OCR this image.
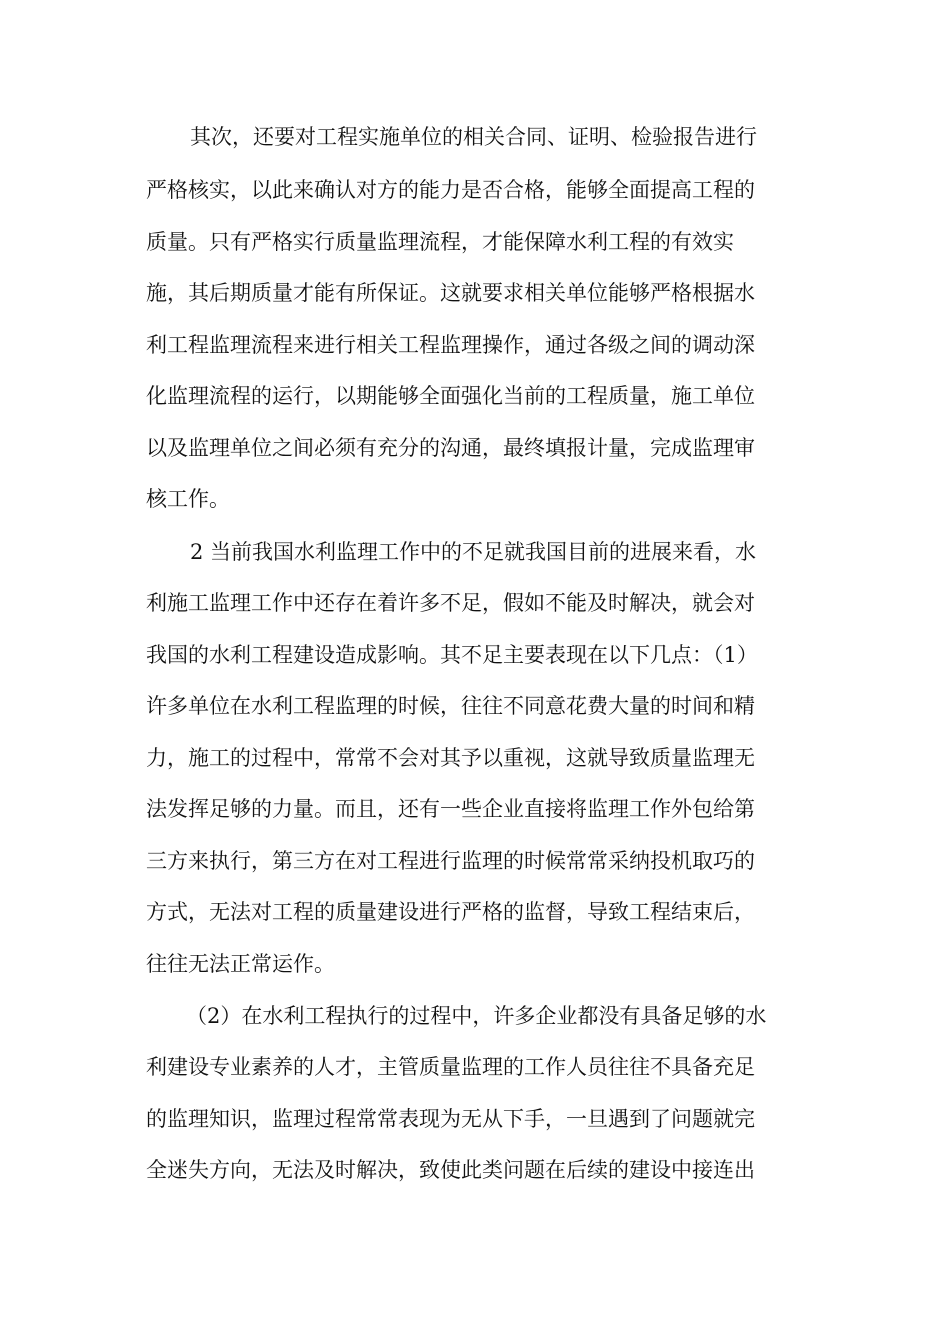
其次，还要对工程实施单位的相关合同、证明、检验报告进行
严格核实，以此来确认对方的能力是否合格，能够全面提高工程的
质量。只有严格实行质量监理流程，才能保障水利工程的有效实
施，其后期质量才能有所保证。这就要求相关单位能够严格根据水
利工程监理流程来进行相关工程监理操作，通过各级之间的调动深
化监理流程的运行，以期能够全面强化当前的工程质量，施工单位
以及监理单位之间必须有充分的沟通，最终填报计量，完成监理审
核工作。
2 当前我国水利监理工作中的不足就我国目前的进展来看，水
利施工监理工作中还存在着许多不足，假如不能及时解决，就会对
我国的水利工程建设造成影响。其不足主要表现在以下几点：（1）
许多单位在水利工程监理的时候，往往不同意花费大量的时间和精
力，施工的过程中，常常不会对其予以重视，这就导致质量监理无
法发挥足够的力量。而且，还有一些企业直接将监理工作外包给第
三方来执行，第三方在对工程进行监理的时候常常采纳投机取巧的
方式，无法对工程的质量建设进行严格的监督，导致工程结束后，
往往无法正常运作。
（2）在水利工程执行的过程中，许多企业都没有具备足够的水
利建设专业素养的人才，主管质量监理的工作人员往往不具备充足
的监理知识，监理过程常常表现为无从下手，一旦遇到了问题就完
全迷失方向，无法及时解决，致使此类问题在后续的建设中接连出
